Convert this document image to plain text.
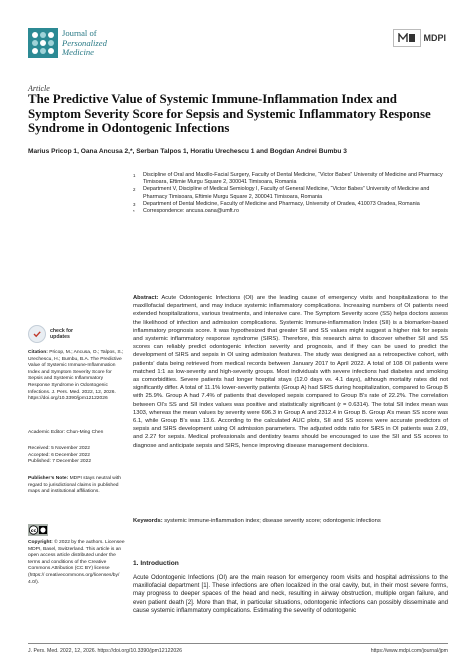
Journal of
Personalized
Medicine
MDPI
Article
The Predictive Value of Systemic Immune-Inflammation Index and Symptom Severity Score for Sepsis and Systemic Inflammatory Response Syndrome in Odontogenic Infections
Marius Pricop 1, Oana Ancusa 2,*, Serban Talpos 1, Horatiu Urechescu 1 and Bogdan Andrei Bumbu 3
1	Discipline of Oral and Maxillo-Facial Surgery, Faculty of Dental Medicine, “Victor Babes” University of Medicine and Pharmacy Timisoara, Eftimie Murgu Square 2, 300041 Timisoara, Romania
2	Department V, Discipline of Medical Semiology I, Faculty of General Medicine, “Victor Babes” University of Medicine and Pharmacy Timisoara, Eftimie Murgu Square 2, 300041 Timisoara, Romania
3	Department of Dental Medicine, Faculty of Medicine and Pharmacy, University of Oradea, 410073 Oradea, Romania
*	Correspondence: ancusa.oana@umft.ro
check for
updates
Citation: Pricop, M.; Ancusa, O.; Talpos, S.; Urechescu, H.; Bumbu, B.A. The Predictive Value of Systemic Immune-Inflammation Index and Symptom Severity Score for Sepsis and Systemic Inflammatory Response Syndrome in Odontogenic Infections. J. Pers. Med. 2022, 12, 2026. https://doi.org/10.3390/jpm12122026
Academic Editor: Chun-Ming Chen
Received: 5 November 2022
Accepted: 6 December 2022
Published: 7 December 2022
Publisher’s Note: MDPI stays neutral with regard to jurisdictional claims in published maps and institutional affiliations.
cc
Copyright: © 2022 by the authors. Licensee MDPI, Basel, Switzerland. This article is an open access article distributed under the terms and conditions of the Creative Commons Attribution (CC BY) license (https:// creativecommons.org/licenses/by/ 4.0/).
Abstract: Acute Odontogenic Infections (OI) are the leading cause of emergency visits and hospitalizations to the maxillofacial department, and may induce systemic inflammatory complications. Increasing numbers of OI patients need extended hospitalizations, various treatments, and intensive care. The Symptom Severity score (SS) helps doctors assess the likelihood of infection and admission complications. Systemic Immune-inflammation Index (SII) is a biomarker-based inflammatory prognosis score. It was hypothesized that greater SII and SS values might suggest a higher risk for sepsis and systemic inflammatory response syndrome (SIRS). Therefore, this research aims to discover whether SII and SS scores can reliably predict odontogenic infection severity and prognosis, and if they can be used to predict the development of SIRS and sepsis in OI using admission features. The study was designed as a retrospective cohort, with patients’ data being retrieved from medical records between January 2017 to April 2022. A total of 108 OI patients were matched 1:1 as low-severity and high-severity groups. Most individuals with severe infections had diabetes and smoking as comorbidities. Severe patients had longer hospital stays (12.0 days vs. 4.1 days), although mortality rates did not significantly differ. A total of 11.1% lower-severity patients (Group A) had SIRS during hospitalization, compared to Group B with 25.9%. Group A had 7.4% of patients that developed sepsis compared to Group B’s rate of 22.2%. The correlation between OI’s SS and SII index values was positive and statistically significant (r = 0.6314). The total SII index mean was 1303, whereas the mean values by severity were 696.3 in Group A and 2312.4 in Group B. Group A’s mean SS score was 6.1, while Group B’s was 13.6. According to the calculated AUC plots, SII and SS scores were accurate predictors of sepsis and SIRS development using OI admission parameters. The adjusted odds ratio for SIRS in OI patients was 2.09, and 2.27 for sepsis. Medical professionals and dentistry teams should be encouraged to use the SII and SS scores to diagnose and anticipate sepsis and SIRS, hence improving disease management decisions.
Keywords: systemic immune-inflammation index; disease severity score; odontogenic infections
1. Introduction
Acute Odontogenic Infections (OI) are the main reason for emergency room visits and hospital admissions to the maxillofacial department [1]. These infections are often localized in the oral cavity, but, in their most severe forms, may progress to deeper spaces of the head and neck, resulting in airway obstruction, multiple organ failure, and even patient death [2]. More than that, in particular situations, odontogenic infections can possibly disseminate and cause systemic inflammatory complications. Estimating the severity of odontogenic
J. Pers. Med. 2022, 12, 2026. https://doi.org/10.3390/jpm12122026	https://www.mdpi.com/journal/jpm
